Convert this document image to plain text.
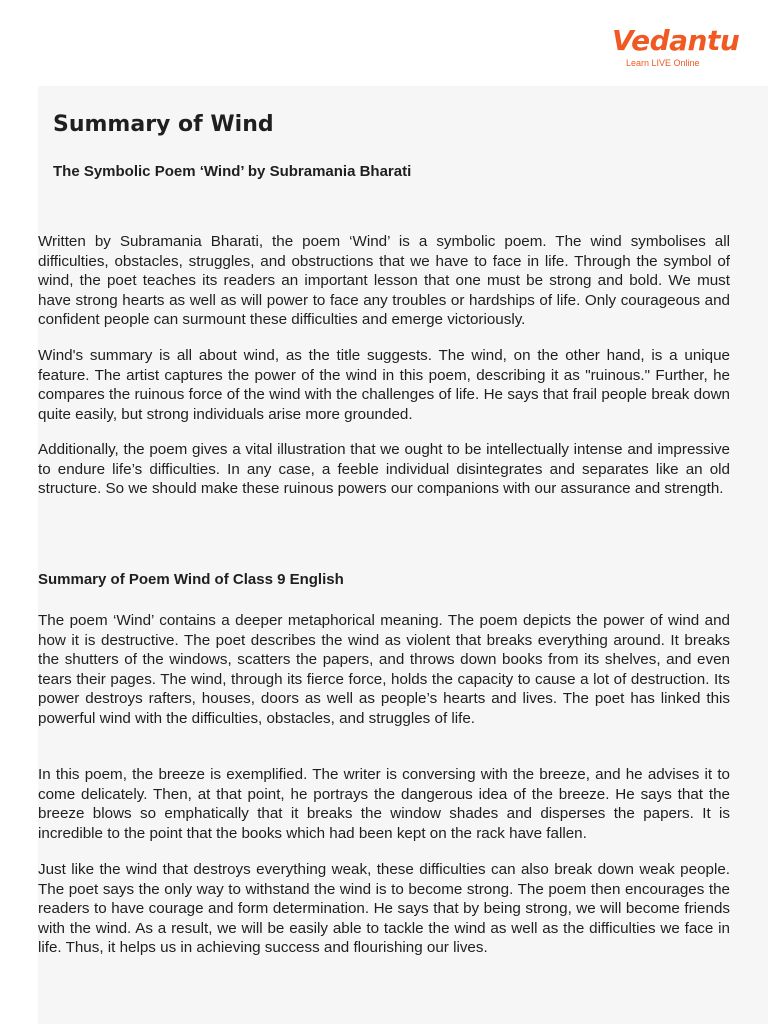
Vedantu
Learn LIVE Online
Summary of Wind
The Symbolic Poem ‘Wind’ by Subramania Bharati

Written by Subramania Bharati, the poem ‘Wind’ is a symbolic poem. The wind symbolises all difficulties, obstacles, struggles, and obstructions that we have to face in life. Through the symbol of wind, the poet teaches its readers an important lesson that one must be strong and bold. We must have strong hearts as well as will power to face any troubles or hardships of life. Only courageous and confident people can surmount these difficulties and emerge victoriously.

Wind's summary is all about wind, as the title suggests. The wind, on the other hand, is a unique feature. The artist captures the power of the wind in this poem, describing it as "ruinous." Further, he compares the ruinous force of the wind with the challenges of life. He says that frail people break down quite easily, but strong individuals arise more grounded.

Additionally, the poem gives a vital illustration that we ought to be intellectually intense and impressive to endure life’s difficulties. In any case, a feeble individual disintegrates and separates like an old structure. So we should make these ruinous powers our companions with our assurance and strength.

Summary of Poem Wind of Class 9 English

The poem ‘Wind’ contains a deeper metaphorical meaning. The poem depicts the power of wind and how it is destructive. The poet describes the wind as violent that breaks everything around. It breaks the shutters of the windows, scatters the papers, and throws down books from its shelves, and even tears their pages. The wind, through its fierce force, holds the capacity to cause a lot of destruction. Its power destroys rafters, houses, doors as well as people’s hearts and lives. The poet has linked this powerful wind with the difficulties, obstacles, and struggles of life.

In this poem, the breeze is exemplified. The writer is conversing with the breeze, and he advises it to come delicately. Then, at that point, he portrays the dangerous idea of the breeze. He says that the breeze blows so emphatically that it breaks the window shades and disperses the papers. It is incredible to the point that the books which had been kept on the rack have fallen.

Just like the wind that destroys everything weak, these difficulties can also break down weak people. The poet says the only way to withstand the wind is to become strong. The poem then encourages the readers to have courage and form determination. He says that by being strong, we will become friends with the wind. As a result, we will be easily able to tackle the wind as well as the difficulties we face in life. Thus, it helps us in achieving success and flourishing our lives.
